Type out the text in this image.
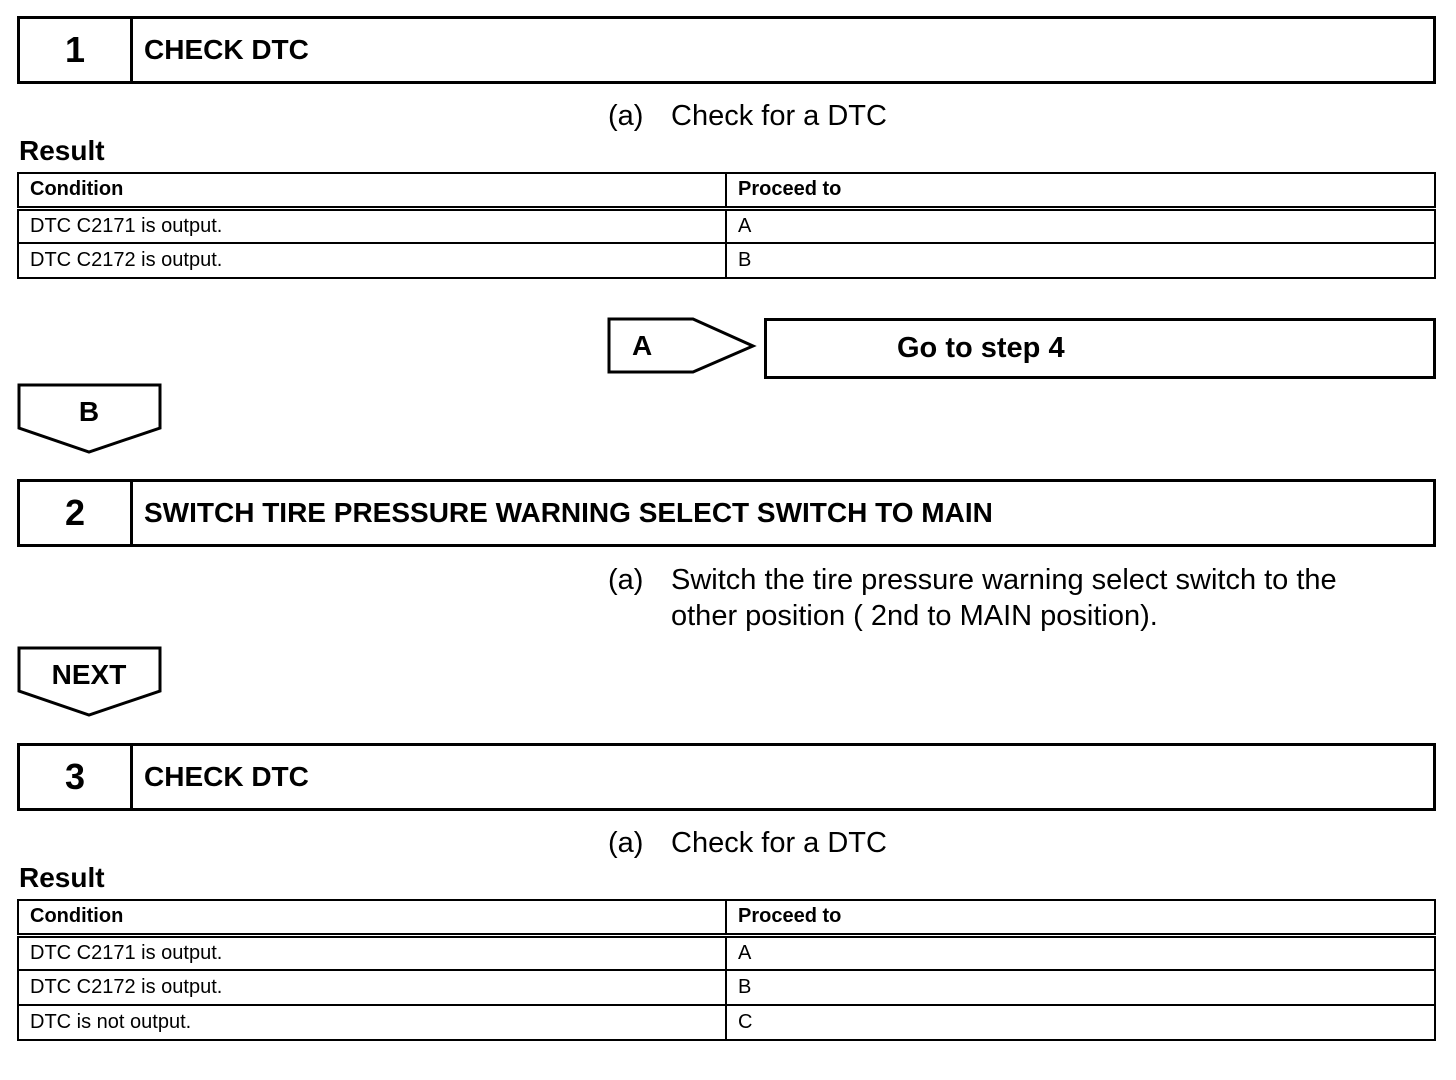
1	CHECK DTC
(a) Check for a DTC
Result
Condition	Proceed to
DTC C2171 is output.	A
DTC C2172 is output.	B
A	Go to step 4
B
2	SWITCH TIRE PRESSURE WARNING SELECT SWITCH TO MAIN
(a) Switch the tire pressure warning select switch to the
other position ( 2nd to MAIN position).
NEXT
3	CHECK DTC
(a) Check for a DTC
Result
Condition	Proceed to
DTC C2171 is output.	A
DTC C2172 is output.	B
DTC is not output.	C
